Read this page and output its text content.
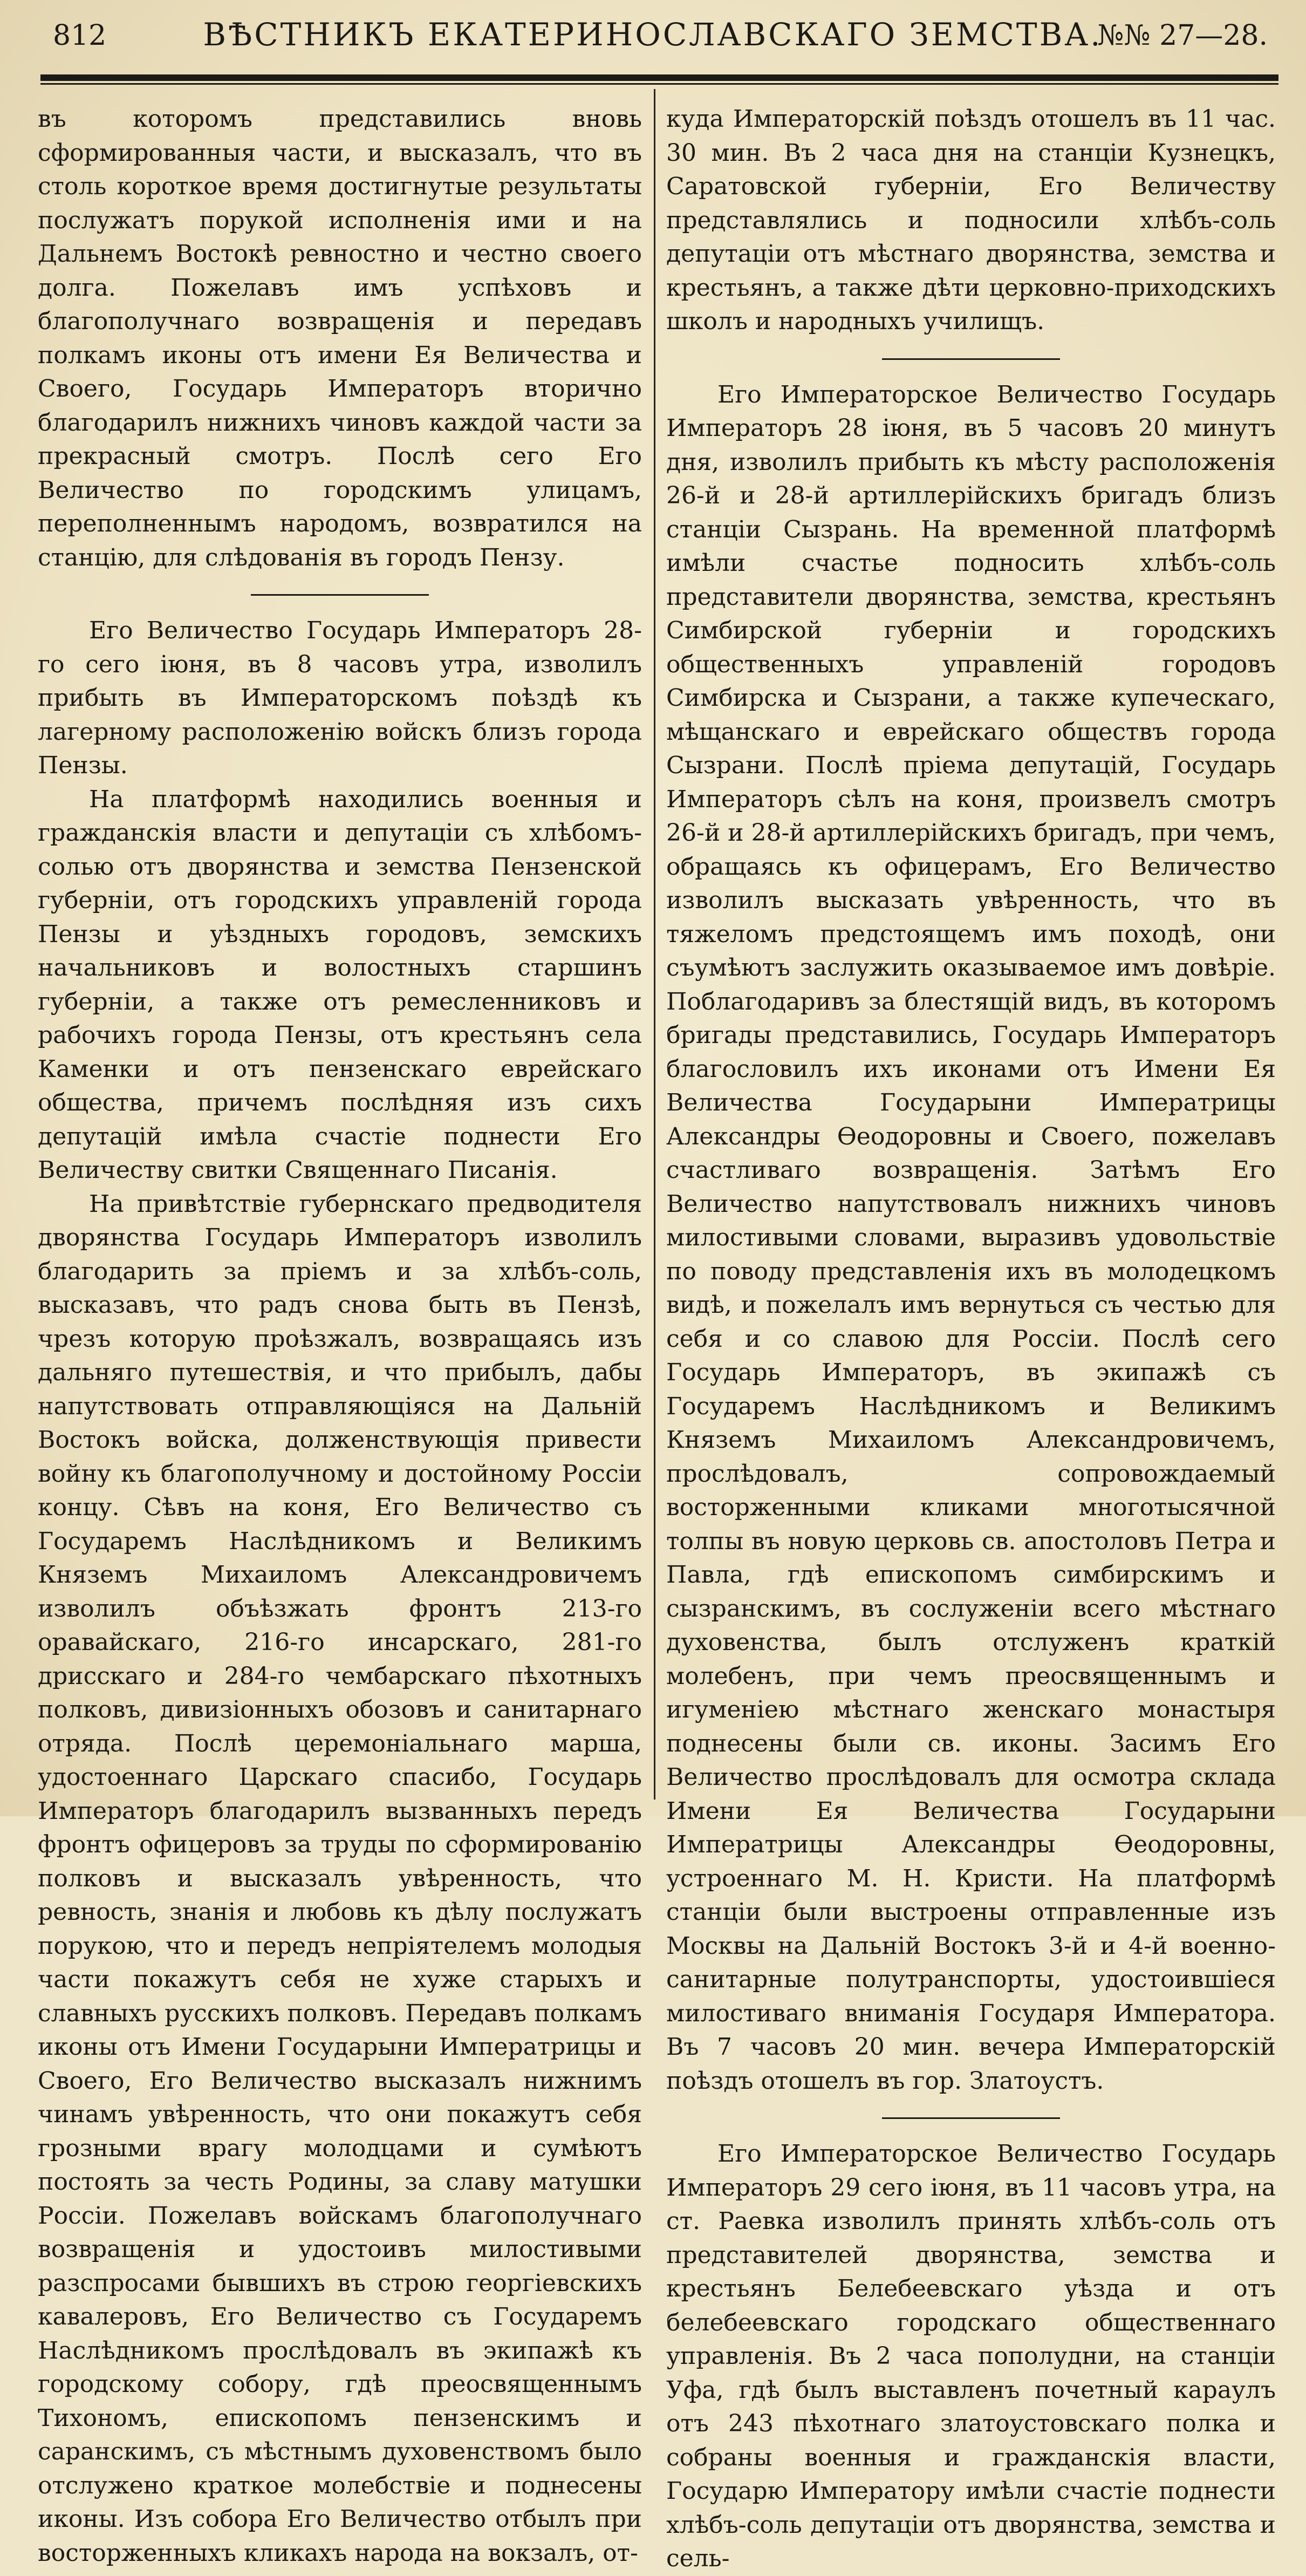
812	ВѢСТНИКЪ ЕКАТЕРИНОСЛАВСКАГО ЗЕМСТВА.
№№ 27—28.

въ которомъ представились вновь сформированныя части, и высказалъ, что въ столь короткое время достигнутые результаты послужатъ порукой исполненія ими и на Дальнемъ Востокѣ ревностно и честно своего долга. Пожелавъ имъ успѣховъ и благополучнаго возвращенія и передавъ полкамъ иконы отъ имени Ея Величества и Своего, Государь Императоръ вторично благодарилъ нижнихъ чиновъ каждой части за прекрасный смотръ. Послѣ сего Его Величество по городскимъ улицамъ, переполненнымъ народомъ, возвратился на станцію, для слѣдованія въ городъ Пензу.

Его Величество Государь Императоръ 28-го сего іюня, въ 8 часовъ утра, изволилъ прибыть въ Императорскомъ поѣздѣ къ лагерному расположенію войскъ близъ города Пензы.

На платформѣ находились военныя и гражданскія власти и депутаціи съ хлѣбомъ-солью отъ дворянства и земства Пензенской губерніи, отъ городскихъ управленій города Пензы и уѣздныхъ городовъ, земскихъ начальниковъ и волостныхъ старшинъ губерніи, а также отъ ремесленниковъ и рабочихъ города Пензы, отъ крестьянъ села Каменки и отъ пензенскаго еврейскаго общества, причемъ послѣдняя изъ сихъ депутацій имѣла счастіе поднести Его Величеству свитки Священнаго Писанія.

На привѣтствіе губернскаго предводителя дворянства Государь Императоръ изволилъ благодарить за пріемъ и за хлѣбъ-соль, высказавъ, что радъ снова быть въ Пензѣ, чрезъ которую проѣзжалъ, возвращаясь изъ дальняго путешествія, и что прибылъ, дабы напутствовать отправляющіяся на Дальній Востокъ войска, долженствующія привести войну къ благополучному и достойному Россіи концу. Сѣвъ на коня, Его Величество съ Государемъ Наслѣдникомъ и Великимъ Княземъ Михаиломъ Александровичемъ изволилъ объѣзжать фронтъ 213-го оравайскаго, 216-го инсарскаго, 281-го дрисскаго и 284-го чембарскаго пѣхотныхъ полковъ, дивизіонныхъ обозовъ и санитарнаго отряда. Послѣ церемоніальнаго марша, удостоеннаго Царскаго спасибо, Государь Императоръ благодарилъ вызванныхъ передъ фронтъ офицеровъ за труды по сформированію полковъ и высказалъ увѣренность, что ревность, знанія и любовь къ дѣлу послужатъ порукою, что и передъ непріятелемъ молодыя части покажутъ себя не хуже старыхъ и славныхъ русскихъ полковъ. Передавъ полкамъ иконы отъ Имени Государыни Императрицы и Своего, Его Величество высказалъ нижнимъ чинамъ увѣренность, что они покажутъ себя грозными врагу молодцами и сумѣютъ постоять за честь Родины, за славу матушки Россіи. Пожелавъ войскамъ благополучнаго возвращенія и удостоивъ милостивыми разспросами бывшихъ въ строю георгіевскихъ кавалеровъ, Его Величество съ Государемъ Наслѣдникомъ прослѣдовалъ въ экипажѣ къ городскому собору, гдѣ преосвященнымъ Тихономъ, епископомъ пензенскимъ и саранскимъ, съ мѣстнымъ духовенствомъ было отслужено краткое молебствіе и поднесены иконы. Изъ собора Его Величество отбылъ при восторженныхъ кликахъ народа на вокзалъ, от-

куда Императорскій поѣздъ отошелъ въ 11 час. 30 мин. Въ 2 часа дня на станціи Кузнецкъ, Саратовской губерніи, Его Величеству представлялись и подносили хлѣбъ-соль депутаціи отъ мѣстнаго дворянства, земства и крестьянъ, а также дѣти церковно-приходскихъ школъ и народныхъ училищъ.

Его Императорское Величество Государь Императоръ 28 іюня, въ 5 часовъ 20 минутъ дня, изволилъ прибыть къ мѣсту расположенія 26-й и 28-й артиллерійскихъ бригадъ близъ станціи Сызрань. На временной платформѣ имѣли счастье подносить хлѣбъ-соль представители дворянства, земства, крестьянъ Симбирской губерніи и городскихъ общественныхъ управленій городовъ Симбирска и Сызрани, а также купеческаго, мѣщанскаго и еврейскаго обществъ города Сызрани. Послѣ пріема депутацій, Государь Императоръ сѣлъ на коня, произвелъ смотръ 26-й и 28-й артиллерійскихъ бригадъ, при чемъ, обращаясь къ офицерамъ, Его Величество изволилъ высказать увѣренность, что въ тяжеломъ предстоящемъ имъ походѣ, они съумѣютъ заслужить оказываемое имъ довѣріе. Поблагодаривъ за блестящій видъ, въ которомъ бригады представились, Государь Императоръ благословилъ ихъ иконами отъ Имени Ея Величества Государыни Императрицы Александры Ѳеодоровны и Своего, пожелавъ счастливаго возвращенія. Затѣмъ Его Величество напутствовалъ нижнихъ чиновъ милостивыми словами, выразивъ удовольствіе по поводу представленія ихъ въ молодецкомъ видѣ, и пожелалъ имъ вернуться съ честью для себя и со славою для Россіи. Послѣ сего Государь Императоръ, въ экипажѣ съ Государемъ Наслѣдникомъ и Великимъ Княземъ Михаиломъ Александровичемъ, прослѣдовалъ, сопровождаемый восторженными кликами многотысячной толпы въ новую церковь св. апостоловъ Петра и Павла, гдѣ епископомъ симбирскимъ и сызранскимъ, въ сослуженіи всего мѣстнаго духовенства, былъ отслуженъ краткій молебенъ, при чемъ преосвященнымъ и игуменіею мѣстнаго женскаго монастыря поднесены были св. иконы. Засимъ Его Величество прослѣдовалъ для осмотра склада Имени Ея Величества Государыни Императрицы Александры Ѳеодоровны, устроеннаго М. Н. Кристи. На платформѣ станціи были выстроены отправленные изъ Москвы на Дальній Востокъ 3-й и 4-й военно-санитарные полутранспорты, удостоившіеся милостиваго вниманія Государя Императора. Въ 7 часовъ 20 мин. вечера Императорскій поѣздъ отошелъ въ гор. Златоустъ.

Его Императорское Величество Государь Императоръ 29 сего іюня, въ 11 часовъ утра, на ст. Раевка изволилъ принять хлѣбъ-соль отъ представителей дворянства, земства и крестьянъ Белебеевскаго уѣзда и отъ белебеевскаго городскаго общественнаго управленія. Въ 2 часа пополудни, на станціи Уфа, гдѣ былъ выставленъ почетный караулъ отъ 243 пѣхотнаго златоустовскаго полка и собраны военныя и гражданскія власти, Государю Императору имѣли счастіе поднести хлѣбъ-соль депутаціи отъ дворянства, земства и сель-
